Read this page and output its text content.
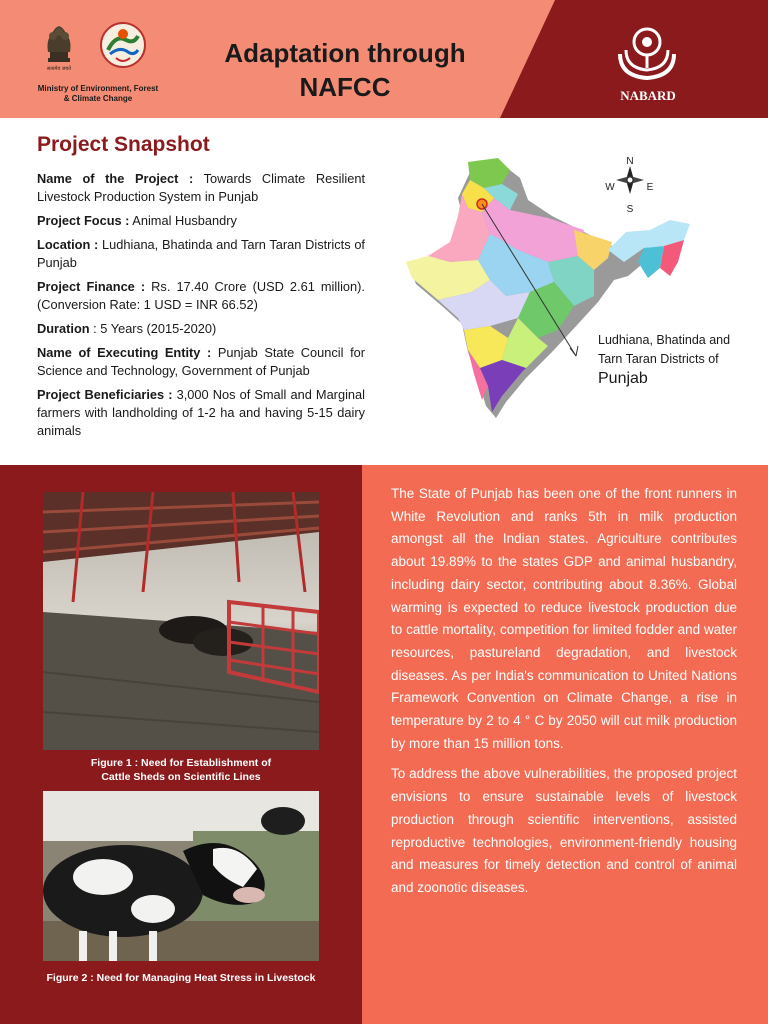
सत्यमेव जयते
Ministry of Environment, Forest
& Climate Change
Adaptation through
NAFCC	NABARD
Project Snapshot
Name of the Project : Towards Climate Resilient Livestock Production System in Punjab
Project Focus : Animal Husbandry
Location : Ludhiana, Bhatinda and Tarn Taran Districts of Punjab
Project Finance : Rs. 17.40 Crore (USD 2.61 million). (Conversion Rate: 1 USD = INR 66.52)
Duration : 5 Years (2015-2020)
Name of Executing Entity : Punjab State Council for Science and Technology, Government of Punjab
Project Beneficiaries : 3,000 Nos of Small and Marginal farmers with landholding of 1-2 ha and having 5-15 dairy animals
N
S
W	E
Ludhiana, Bhatinda and
Tarn Taran Districts of
Punjab
Figure 1 : Need for Establishment of
Cattle Sheds on Scientific Lines
Figure 2 : Need for Managing Heat Stress in Livestock

The State of Punjab has been one of the front runners in White Revolution and ranks 5th in milk production amongst all the Indian states. Agriculture contributes about 19.89% to the states GDP and animal husbandry, including dairy sector, contributing about 8.36%. Global warming is expected to reduce livestock production due to cattle mortality, competition for limited fodder and water resources, pastureland degradation, and livestock diseases. As per India's communication to United Nations Framework Convention on Climate Change, a rise in temperature by 2 to 4 ° C by 2050 will cut milk production by more than 15 million tons.

To address the above vulnerabilities, the proposed project envisions to ensure sustainable levels of livestock production through scientific interventions, assisted reproductive technologies, environment-friendly housing and measures for timely detection and control of animal and zoonotic diseases.
